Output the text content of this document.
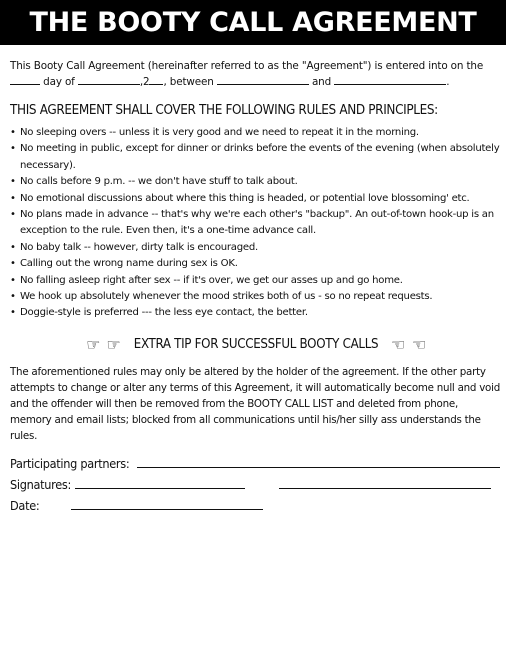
THE BOOTY CALL AGREEMENT
This Booty Call Agreement (hereinafter referred to as the "Agreement") is entered into on the  day of	,2 , between	and	.
THIS AGREEMENT SHALL COVER THE FOLLOWING RULES AND PRINCIPLES:
• No sleeping overs -- unless it is very good and we need to repeat it in the morning.
• No meeting in public, except for dinner or drinks before the events of the evening (when absolutely necessary).
• No calls before 9 p.m. -- we don't have stuff to talk about.
• No emotional discussions about where this thing is headed, or potential love blossoming' etc.
• No plans made in advance -- that's why we're each other's "backup". An out-of-town hook-up is an exception to the rule. Even then, it's a one-time advance call.
• No baby talk -- however, dirty talk is encouraged.
• Calling out the wrong name during sex is OK.
• No falling asleep right after sex -- if it's over, we get our asses up and go home.
• We hook up absolutely whenever the mood strikes both of us - so no repeat requests.
• Doggie-style is preferred --- the less eye contact, the better.
☞ ☞ EXTRA TIP FOR SUCCESSFUL BOOTY CALLS ☞ ☞
The aforementioned rules may only be altered by the holder of the agreement. If the other party attempts to change or alter any terms of this Agreement, it will automatically become null and void and the offender will then be removed from the BOOTY CALL LIST and deleted from phone, memory and email lists; blocked from all communications until his/her silly ass understands the rules.
Participating partners:
Signatures:
Date:
